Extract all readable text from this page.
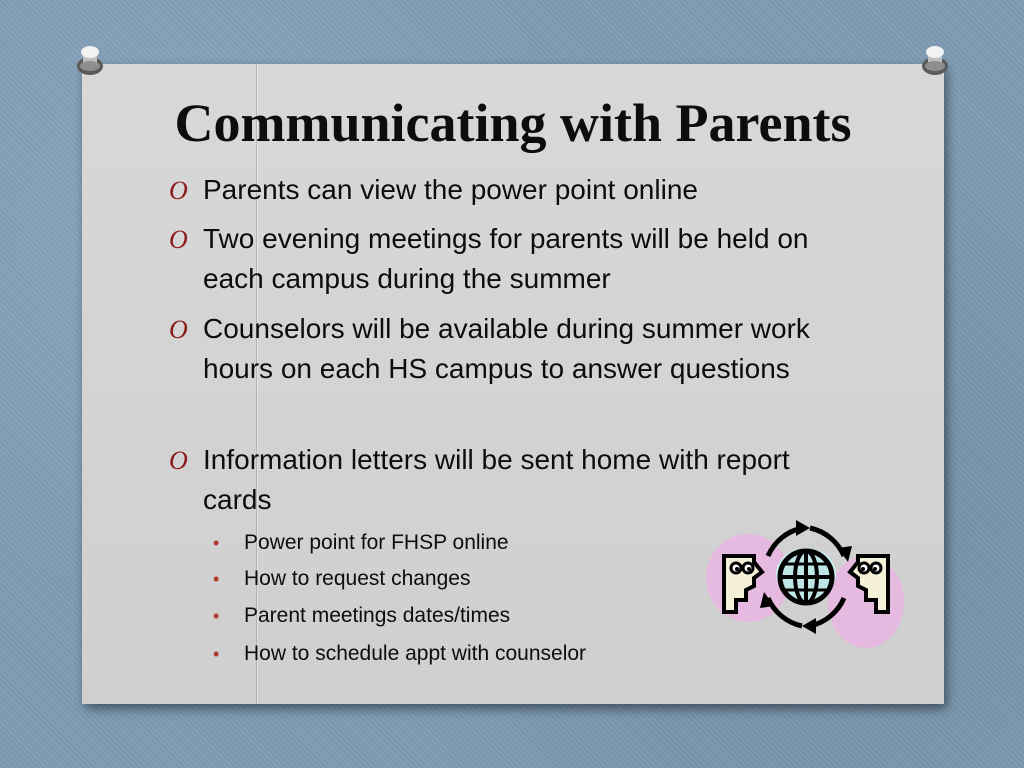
Communicating with Parents
O Parents can view the power point online
O Two evening meetings for parents will be held on each campus during the summer
O Counselors will be available during summer work hours on each HS campus to answer questions
O Information letters will be sent home with report cards
• Power point for FHSP online
• How to request changes
• Parent meetings dates/times
• How to schedule appt with counselor
